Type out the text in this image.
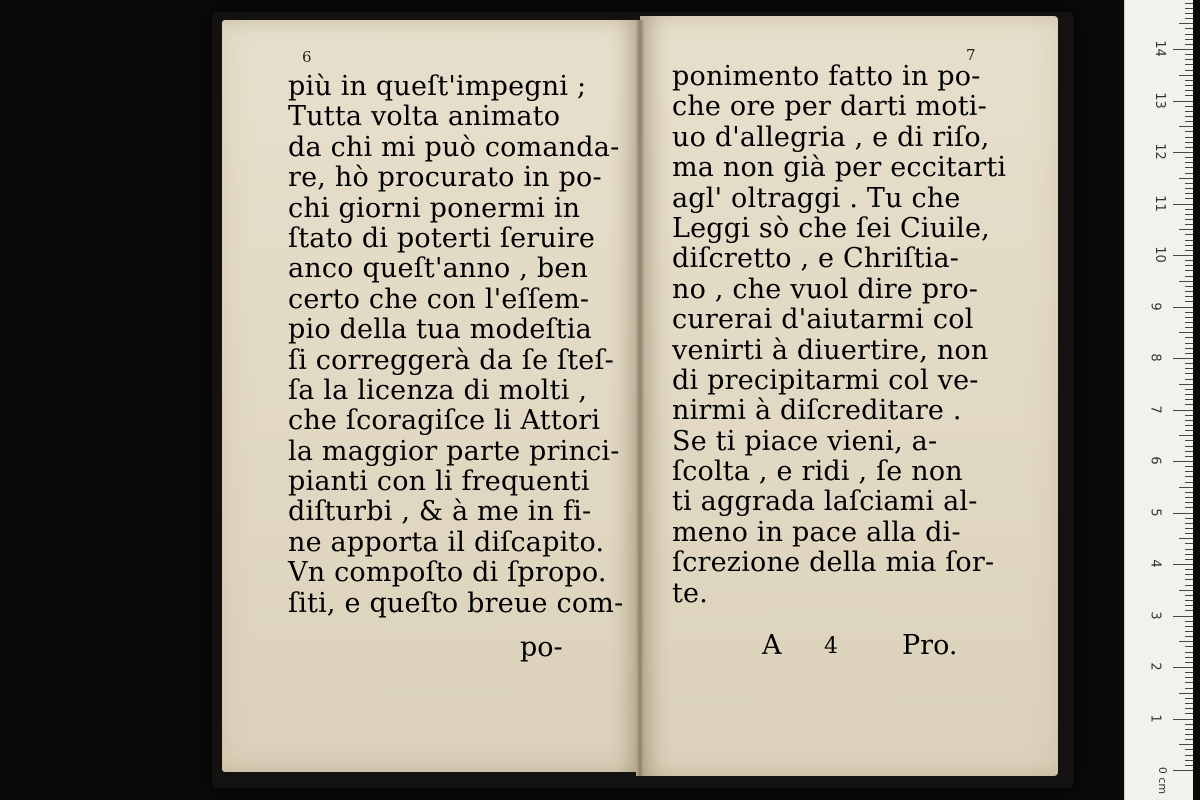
6	7
più in queſt'impegni ;
Tutta volta animato
da chi mi può comanda-
re, hò procurato in po-
chi giorni ponermi in
ſtato di poterti ſeruire
anco queſt'anno , ben
certo che con l'eſſem-
pio della tua modeſtia
ſi correggerà da ſe ſteſ-
ſa la licenza di molti ,
che ſcoragiſce li Attori
la maggior parte princi-
pianti con li frequenti
diſturbi , & à me in fi-
ne apporta il diſcapito.
Vn compoſto di ſpropo.
ſiti, e queſto breue com-
po-
ponimento fatto in po-
che ore per darti moti-
uo d'allegria , e di riſo,
ma non già per eccitarti
agl' oltraggi . Tu che
Leggi sò che ſei Ciuile,
diſcretto , e Chriſtia-
no , che vuol dire pro-
curerai d'aiutarmi col
venirti à diuertire, non
di precipitarmi col ve-
nirmi à diſcreditare .
Se ti piace vieni, a-
ſcolta , e ridi , ſe non
ti aggrada laſciami al-
meno in pace alla di-
ſcrezione della mia ſor-
te.
A 4 Pro.
1
2
3
4
5
6
7
8
9
10
11
12
13
14
0 cm
